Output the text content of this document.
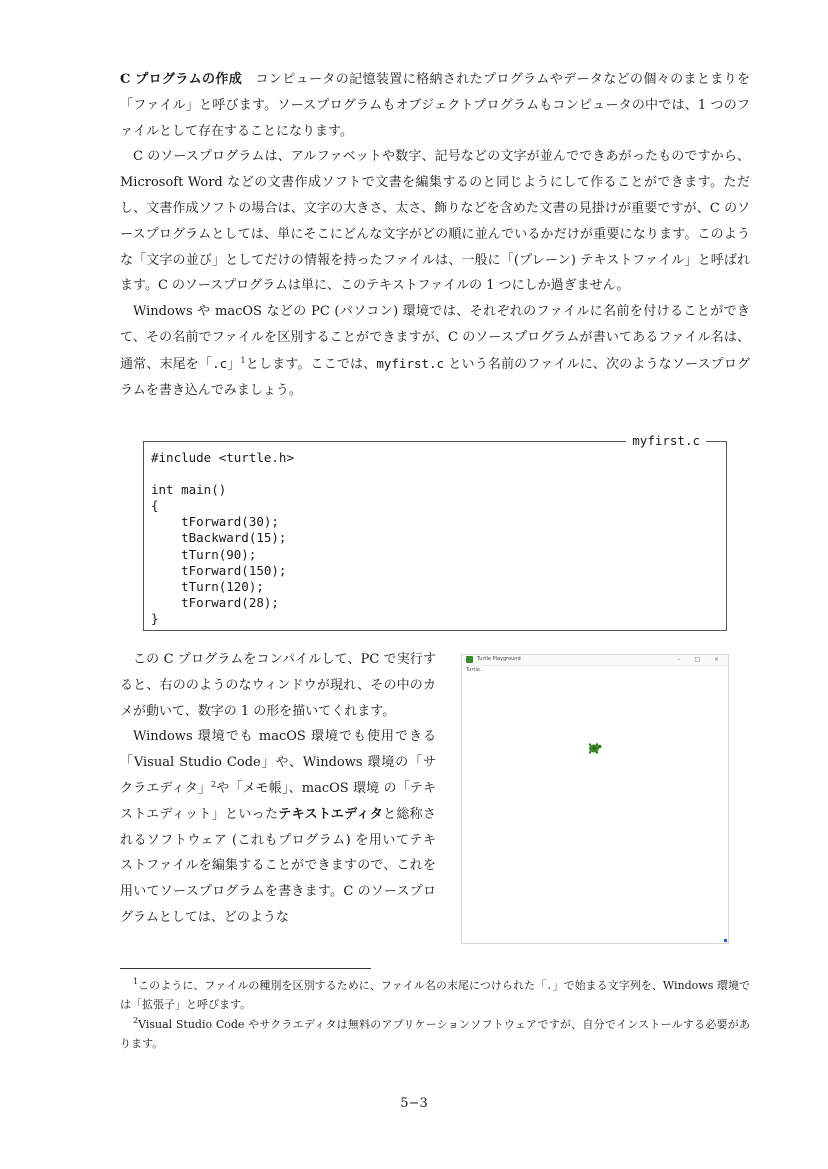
C プログラムの作成　コンピュータの記憶装置に格納されたプログラムやデータなどの個々のまとまりを「ファイル」と呼びます。ソースプログラムもオブジェクトプログラムもコンピュータの中では、1 つのファイルとして存在することになります。

C のソースプログラムは、アルファベットや数字、記号などの文字が並んでできあがったものですから、Microsoft Word などの文書作成ソフトで文書を編集するのと同じようにして作ることができます。ただし、文書作成ソフトの場合は、文字の大きさ、太さ、飾りなどを含めた文書の見掛けが重要ですが、C のソースプログラムとしては、単にそこにどんな文字がどの順に並んでいるかだけが重要になります。このような「文字の並び」としてだけの情報を持ったファイルは、一般に「(プレーン) テキストファイル」と呼ばれます。C のソースプログラムは単に、このテキストファイルの 1 つにしか過ぎません。

Windows や macOS などの PC (パソコン) 環境では、それぞれのファイルに名前を付けることができて、その名前でファイルを区別することができますが、C のソースプログラムが書いてあるファイル名は、通常、末尾を「.c」$^1$とします。ここでは、myfirst.c という名前のファイルに、次のようなソースプログラムを書き込んでみましょう。

myfirst.c
#include <turtle.h>
int main()
{
tForward(30);
tBackward(15);
tTurn(90);
tForward(150);
tTurn(120);
tForward(28);
}

この C プログラムをコンパイルして、PC で実行すると、右ののようのなウィンドウが現れ、その中のカメが動いて、数字の 1 の形を描いてくれます。

Windows 環境でも macOS 環境でも使用できる「Visual Studio Code」や、Windows 環境の「サクラエディタ」$^2$や「メモ帳」、macOS 環境 の「テキストエディット」といったテキストエディタと総称されるソフトウェア (これもプログラム) を用いてテキストファイルを編集することができますので、これを用いてソースプログラムを書きます。C のソースプログラムとしては、どのような

Turtle Playground	– □ ×
Turtle..

$^1$このように、ファイルの種別を区別するために、ファイル名の末尾につけられた「.」で始まる文字列を、Windows 環境では「拡張子」と呼びます。

$^2$Visual Studio Code やサクラエディタは無料のアプリケーションソフトウェアですが、自分でインストールする必要があります。

5−3
